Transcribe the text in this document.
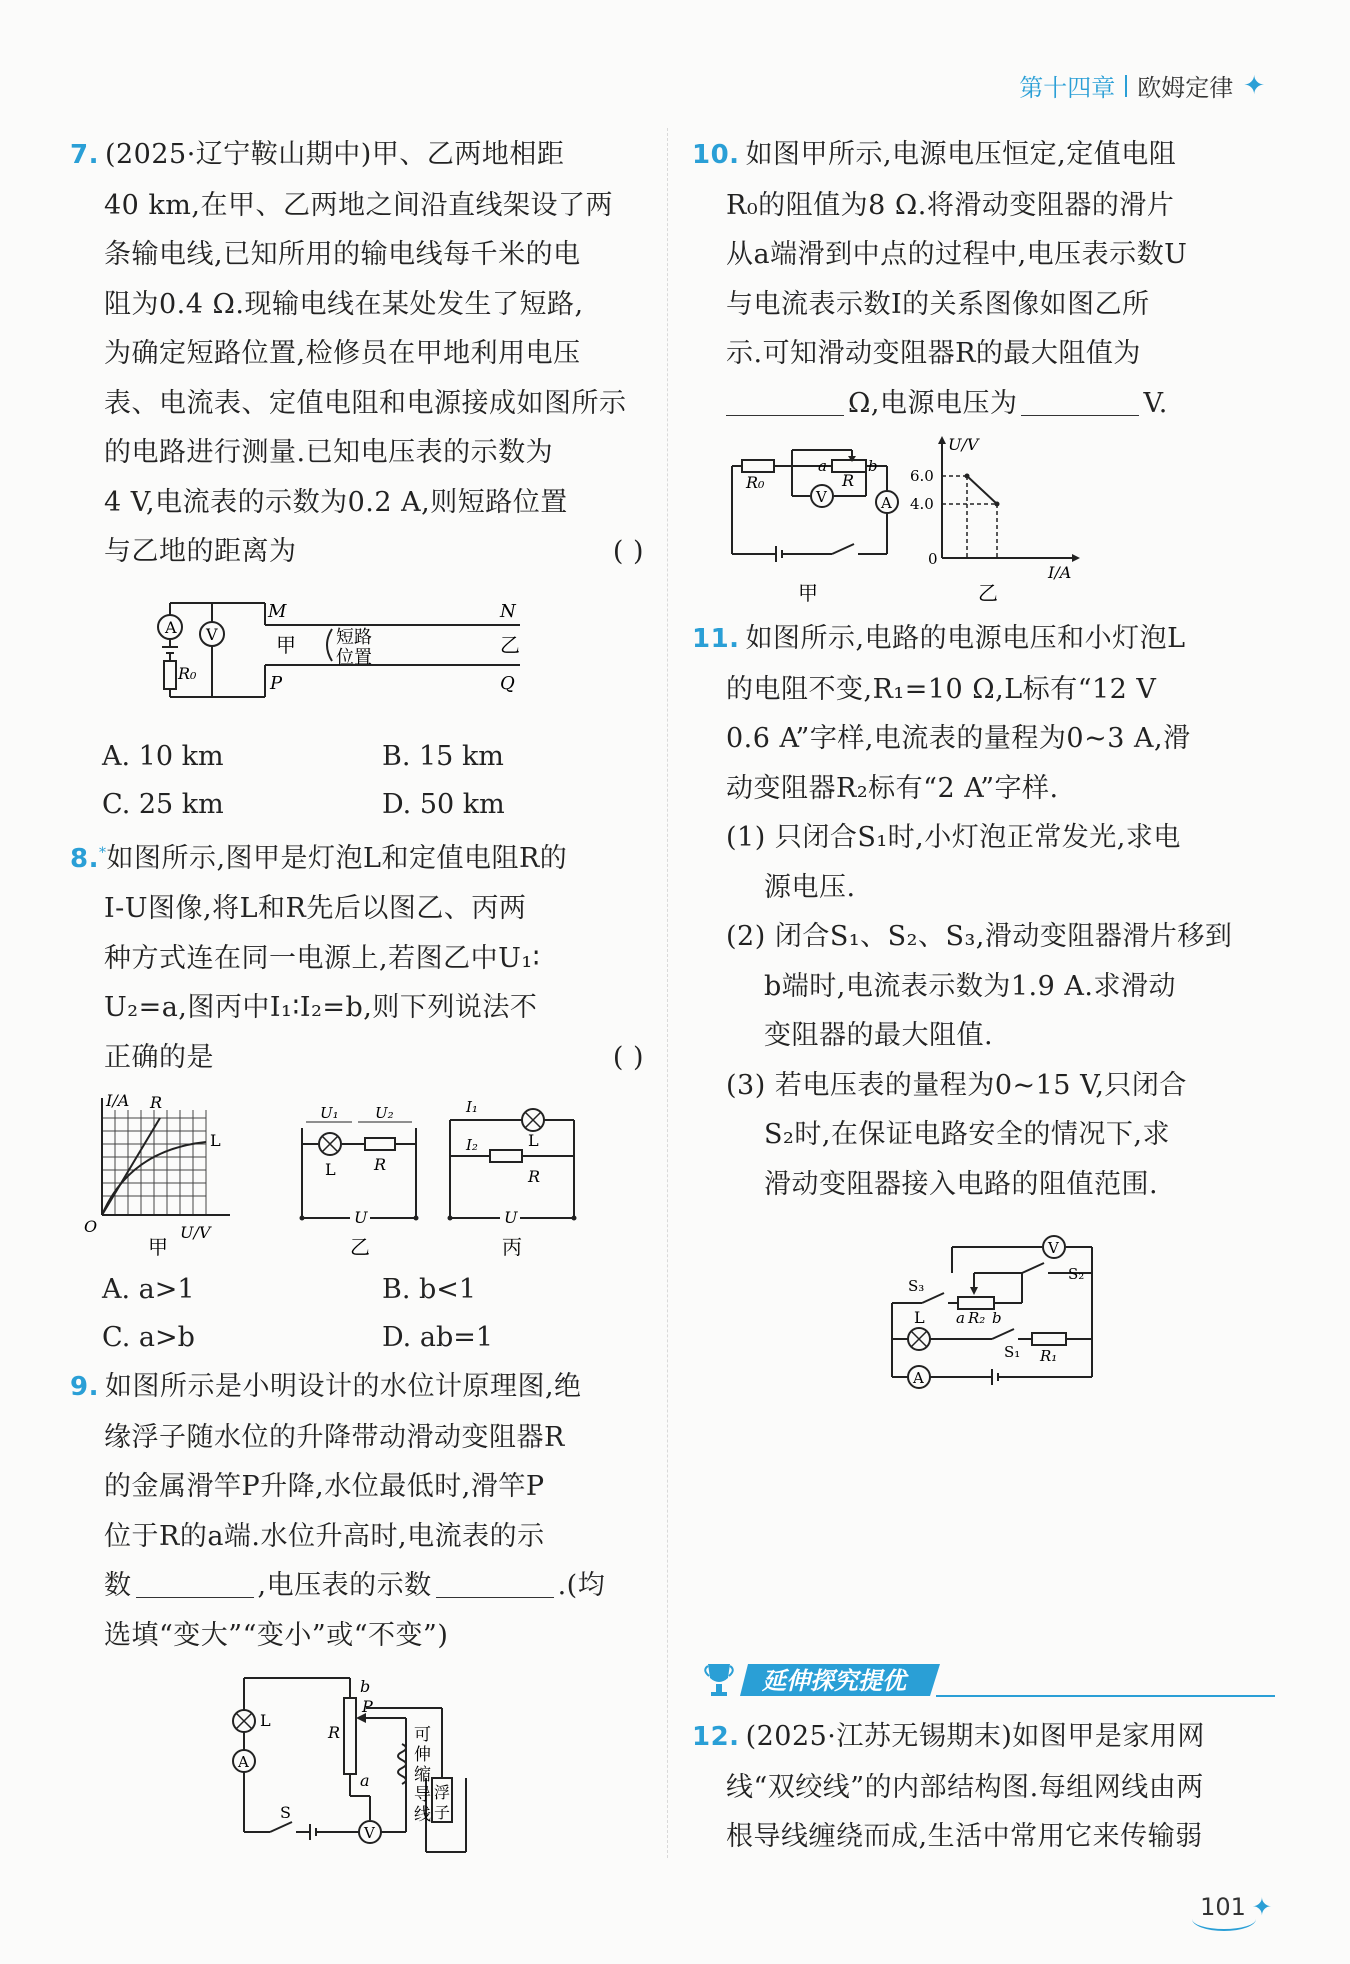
第十四章 欧姆定律 ✦

7. (2025·辽宁鞍山期中)甲、乙两地相距

40 km,在甲、乙两地之间沿直线架设了两

条输电线,已知所用的输电线每千米的电

阻为0.4 Ω.现输电线在某处发生了短路,

为确定短路位置,检修员在甲地利用电压

表、电流表、定值电阻和电源接成如图所示

的电路进行测量.已知电压表的示数为

4 V,电流表的示数为0.2 A,则短路位置

与乙地的距离为	( )

A V
R₀
M	N
P	Q
甲	乙
短路
位置
A. 10 km	B. 15 km
C. 25 km	D. 50 km

8.*如图所示,图甲是灯泡L和定值电阻R的

I-U图像,将L和R先后以图乙、丙两

种方式连在同一电源上,若图乙中U₁∶

U₂=a,图丙中I₁∶I₂=b,则下列说法不

正确的是	( )

I/A R
L
O	U/V
U₁ U₂
L R
U
I₁
I₂	L
R
U
甲	乙	丙
A. a>1	B. b<1
C. a>b	D. ab=1

9. 如图所示是小明设计的水位计原理图,绝

缘浮子随水位的升降带动滑动变阻器R

的金属滑竿P升降,水位最低时,滑竿P

位于R的a端.水位升高时,电流表的示

数	,电压表的示数	.(均

选填“变大”“变小”或“不变”)

A
V
L
S
R
b
P
a
可
伸
缩
导
线
浮
子

10. 如图甲所示,电源电压恒定,定值电阻

R₀的阻值为8 Ω.将滑动变阻器的滑片

从a端滑到中点的过程中,电压表示数U

与电流表示数I的关系图像如图乙所

示.可知滑动变阻器R的最大阻值为

Ω,电源电压为	V.

V	A
R₀
a
R
b
U/V
6.0
4.0
0
I/A
甲	乙

11. 如图所示,电路的电源电压和小灯泡L

的电阻不变,R₁=10 Ω,L标有“12 V

0.6 A”字样,电流表的量程为0~3 A,滑

动变阻器R₂标有“2 A”字样.

(1) 只闭合S₁时,小灯泡正常发光,求电

源电压.

(2) 闭合S₁、S₂、S₃,滑动变阻器滑片移到

b端时,电流表示数为1.9 A.求滑动

变阻器的最大阻值.

(3) 若电压表的量程为0~15 V,只闭合

S₂时,在保证电路安全的情况下,求

滑动变阻器接入电路的阻值范围.

V
A
L
S₃
S₂
S₁
a R₂ b
R₁
延伸探究提优

12. (2025·江苏无锡期末)如图甲是家用网

线“双绞线”的内部结构图.每组网线由两

根导线缠绕而成,生活中常用它来传输弱

101 ✦
